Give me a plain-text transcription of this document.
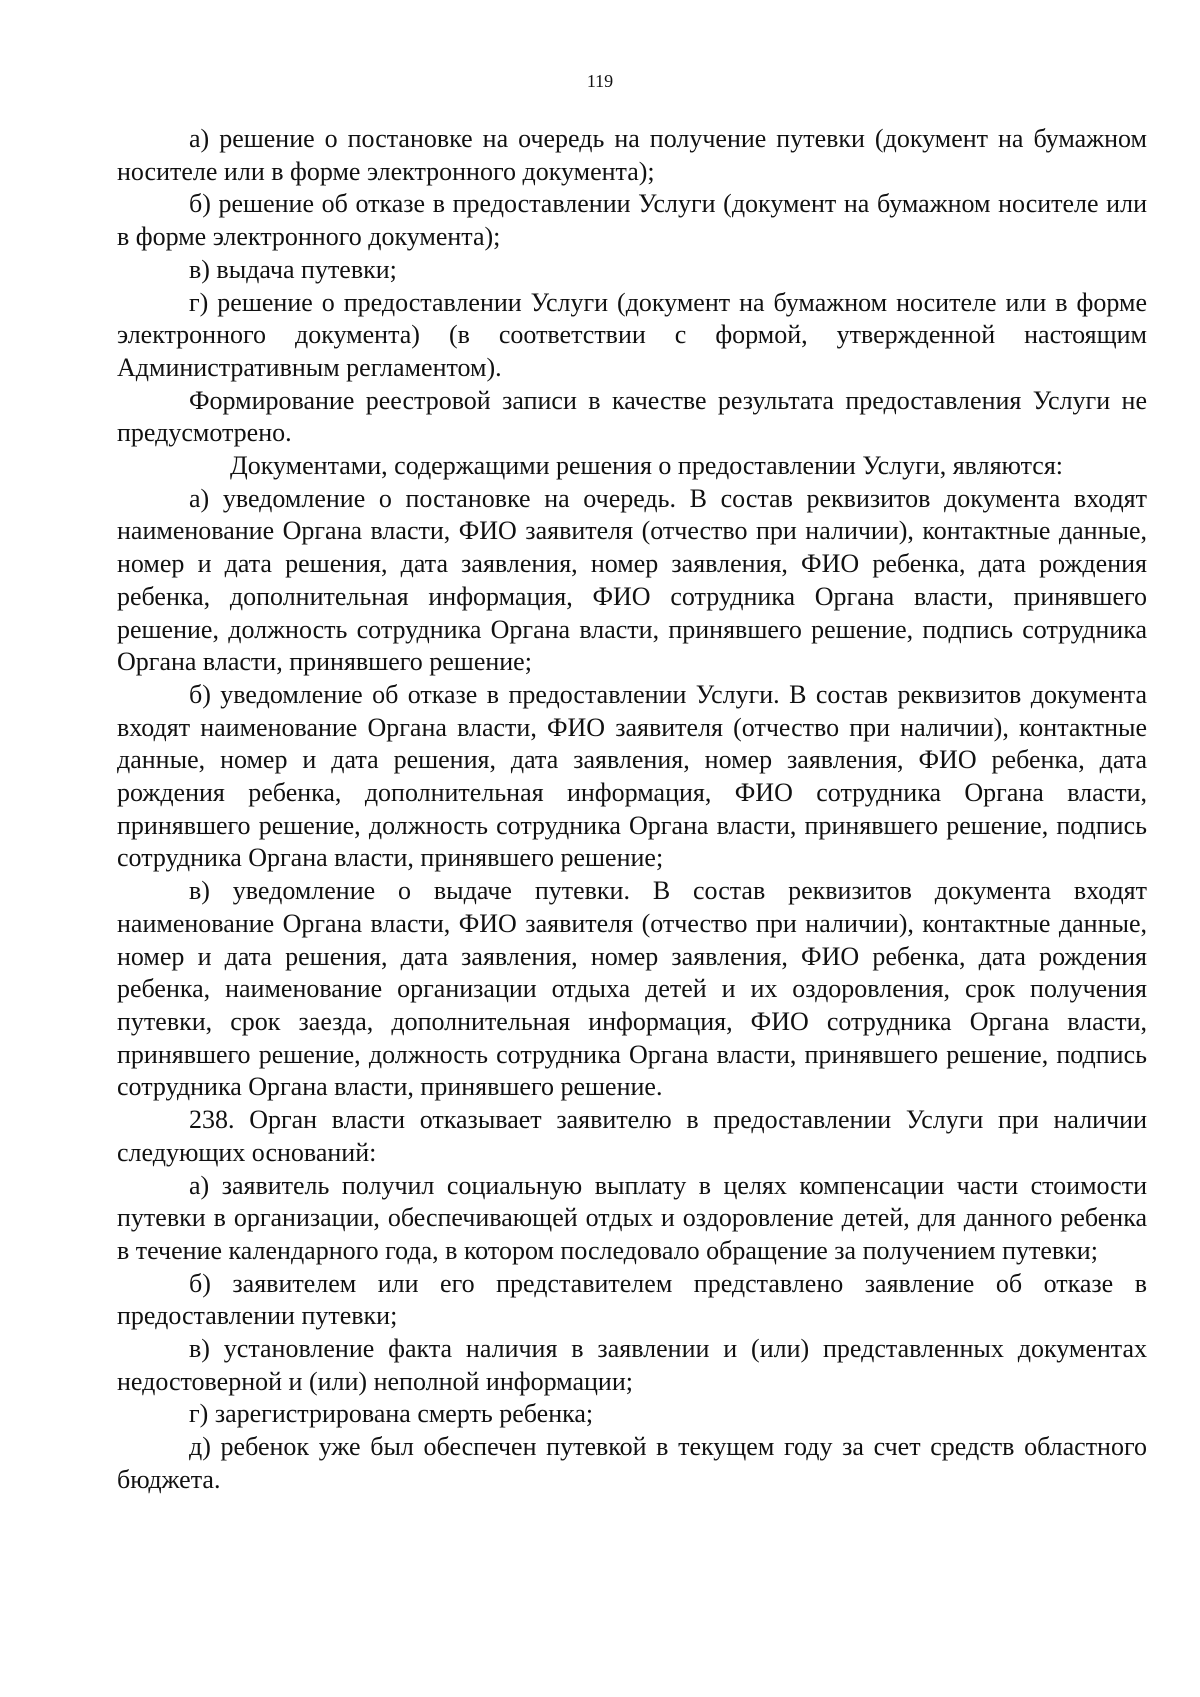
119

а) решение о постановке на очередь на получение путевки (документ на бумажном носителе или в форме электронного документа);

б) решение об отказе в предоставлении Услуги (документ на бумажном носителе или в форме электронного документа);

в) выдача путевки;

г) решение о предоставлении Услуги (документ на бумажном носителе или в форме электронного документа) (в соответствии с формой, утвержденной настоящим Административным регламентом).

Формирование реестровой записи в качестве результата предоставления Услуги не предусмотрено.

Документами, содержащими решения о предоставлении Услуги, являются:

а) уведомление о постановке на очередь. В состав реквизитов документа входят наименование Органа власти, ФИО заявителя (отчество при наличии), контактные данные, номер и дата решения, дата заявления, номер заявления, ФИО ребенка, дата рождения ребенка, дополнительная информация, ФИО сотрудника Органа власти, принявшего решение, должность сотрудника Органа власти, принявшего решение, подпись сотрудника Органа власти, принявшего решение;

б) уведомление об отказе в предоставлении Услуги. В состав реквизитов документа входят наименование Органа власти, ФИО заявителя (отчество при наличии), контактные данные, номер и дата решения, дата заявления, номер заявления, ФИО ребенка, дата рождения ребенка, дополнительная информация, ФИО сотрудника Органа власти, принявшего решение, должность сотрудника Органа власти, принявшего решение, подпись сотрудника Органа власти, принявшего решение;

в) уведомление о выдаче путевки. В состав реквизитов документа входят наименование Органа власти, ФИО заявителя (отчество при наличии), контактные данные, номер и дата решения, дата заявления, номер заявления, ФИО ребенка, дата рождения ребенка, наименование организации отдыха детей и их оздоровления, срок получения путевки, срок заезда, дополнительная информация, ФИО сотрудника Органа власти, принявшего решение, должность сотрудника Органа власти, принявшего решение, подпись сотрудника Органа власти, принявшего решение.

238. Орган власти отказывает заявителю в предоставлении Услуги при наличии следующих оснований:

а) заявитель получил социальную выплату в целях компенсации части стоимости путевки в организации, обеспечивающей отдых и оздоровление детей, для данного ребенка в течение календарного года, в котором последовало обращение за получением путевки;

б) заявителем или его представителем представлено заявление об отказе в предоставлении путевки;

в) установление факта наличия в заявлении и (или) представленных документах недостоверной и (или) неполной информации;

г) зарегистрирована смерть ребенка;

д) ребенок уже был обеспечен путевкой в текущем году за счет средств областного бюджета.
